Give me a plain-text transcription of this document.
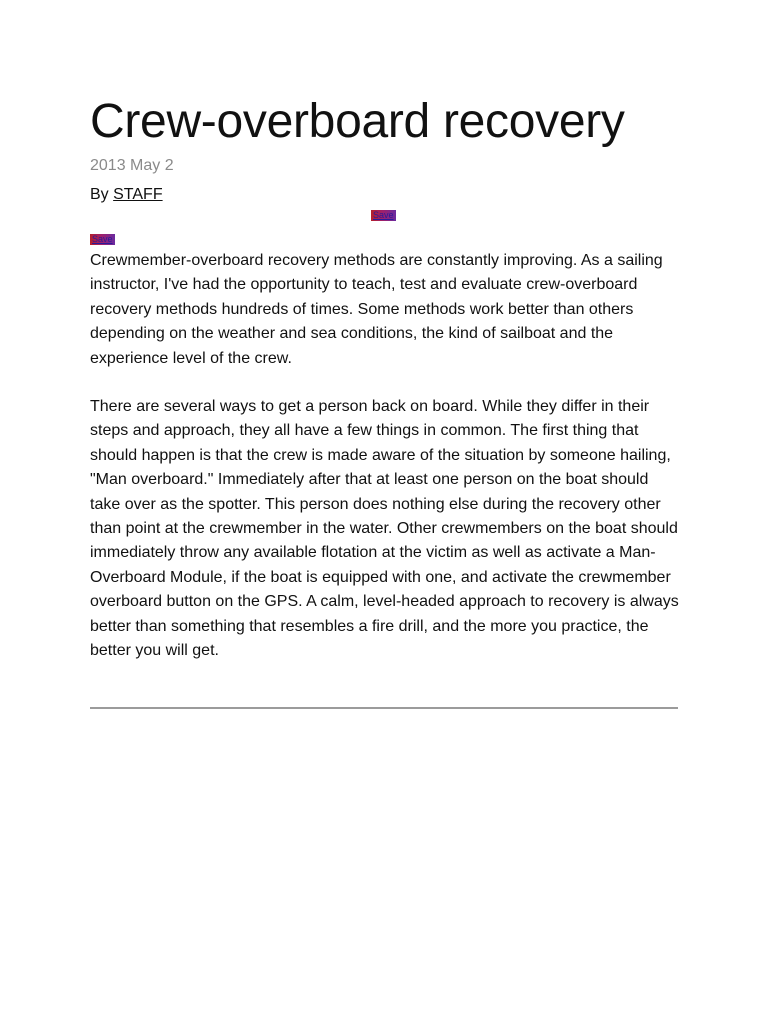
Crew-overboard recovery
2013 May 2
By STAFF
Save
Save

Crewmember-overboard recovery methods are constantly improving. As a sailing instructor, I've had the opportunity to teach, test and evaluate crew-overboard recovery methods hundreds of times. Some methods work better than others depending on the weather and sea conditions, the kind of sailboat and the experience level of the crew.

There are several ways to get a person back on board. While they differ in their steps and approach, they all have a few things in common. The first thing that should happen is that the crew is made aware of the situation by someone hailing, "Man overboard." Immediately after that at least one person on the boat should take over as the spotter. This person does nothing else during the recovery other than point at the crewmember in the water. Other crewmembers on the boat should immediately throw any available flotation at the victim as well as activate a Man-Overboard Module, if the boat is equipped with one, and activate the crewmember overboard button on the GPS. A calm, level-headed approach to recovery is always better than something that resembles a fire drill, and the more you practice, the better you will get.
